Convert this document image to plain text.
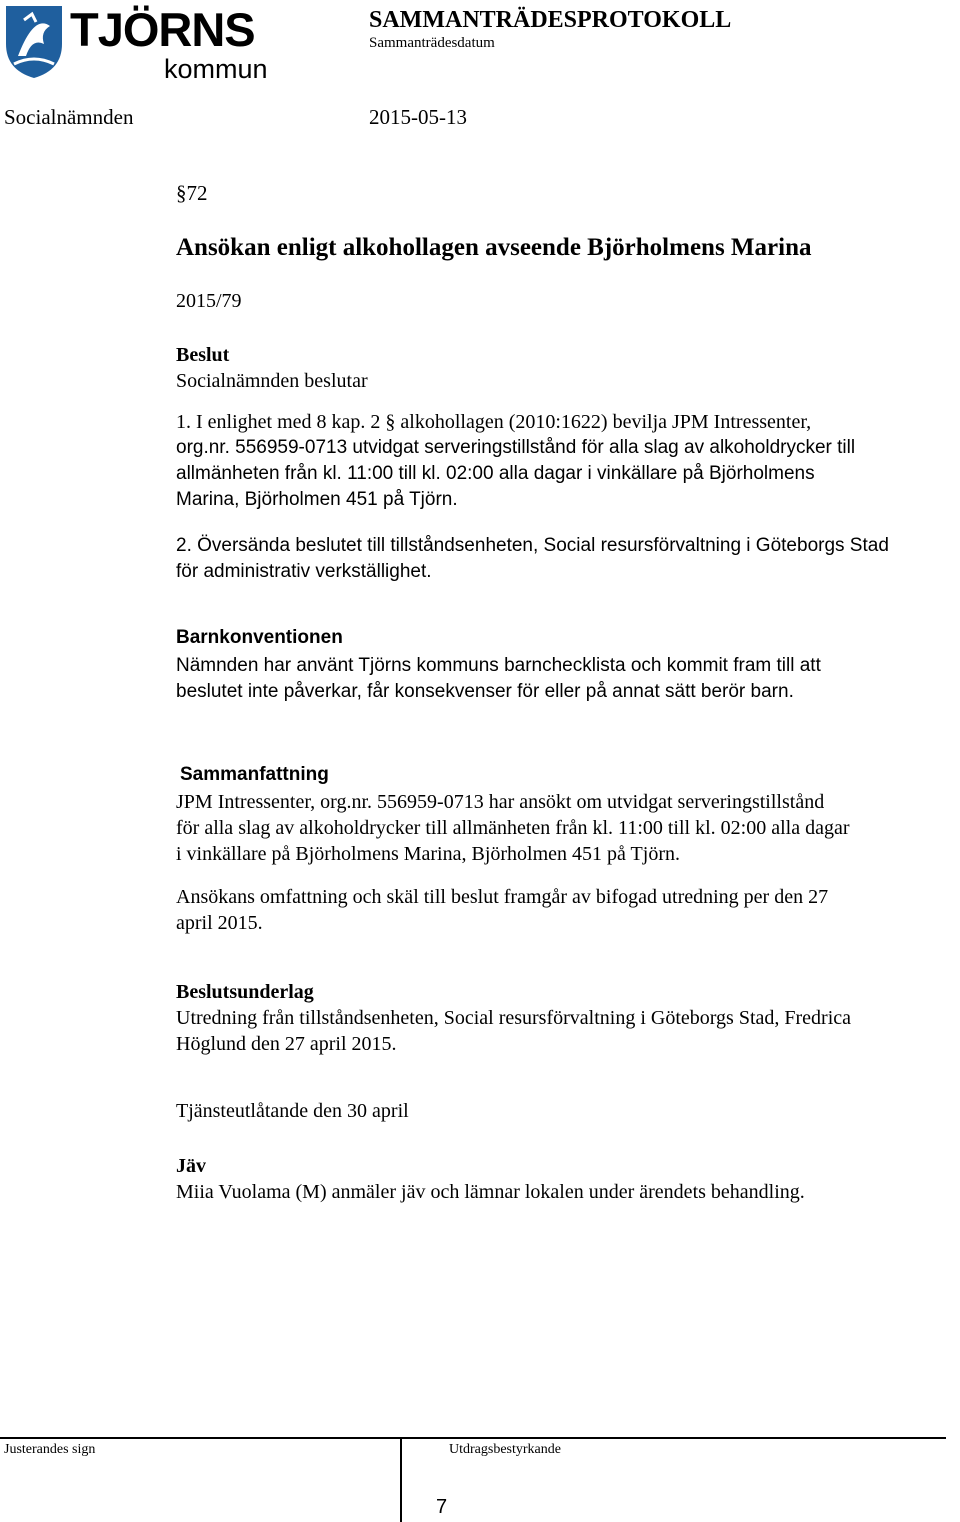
TJÖRNS
kommun
SAMMANTRÄDESPROTOKOLL
Sammanträdesdatum
Socialnämnden	2015-05-13
§72
Ansökan enligt alkohollagen avseende Björholmens Marina
2015/79
Beslut
Socialnämnden beslutar
1. I enlighet med 8 kap. 2 § alkohollagen (2010:1622) bevilja JPM Intressenter,
org.nr. 556959-0713 utvidgat serveringstillstånd för alla slag av alkoholdrycker till
allmänheten från kl. 11:00 till kl. 02:00 alla dagar i vinkällare på Björholmens
Marina, Björholmen 451 på Tjörn.
2. Översända beslutet till tillståndsenheten, Social resursförvaltning i Göteborgs Stad
för administrativ verkställighet.
Barnkonventionen
Nämnden har använt Tjörns kommuns barnchecklista och kommit fram till att
beslutet inte påverkar, får konsekvenser för eller på annat sätt berör barn.
Sammanfattning
JPM Intressenter, org.nr. 556959-0713 har ansökt om utvidgat serveringstillstånd
för alla slag av alkoholdrycker till allmänheten från kl. 11:00 till kl. 02:00 alla dagar
i vinkällare på Björholmens Marina, Björholmen 451 på Tjörn.
Ansökans omfattning och skäl till beslut framgår av bifogad utredning per den 27
april 2015.
Beslutsunderlag
Utredning från tillståndsenheten, Social resursförvaltning i Göteborgs Stad, Fredrica
Höglund den 27 april 2015.
Tjänsteutlåtande den 30 april
Jäv
Miia Vuolama (M) anmäler jäv och lämnar lokalen under ärendets behandling.
Justerandes sign	Utdragsbestyrkande
7
